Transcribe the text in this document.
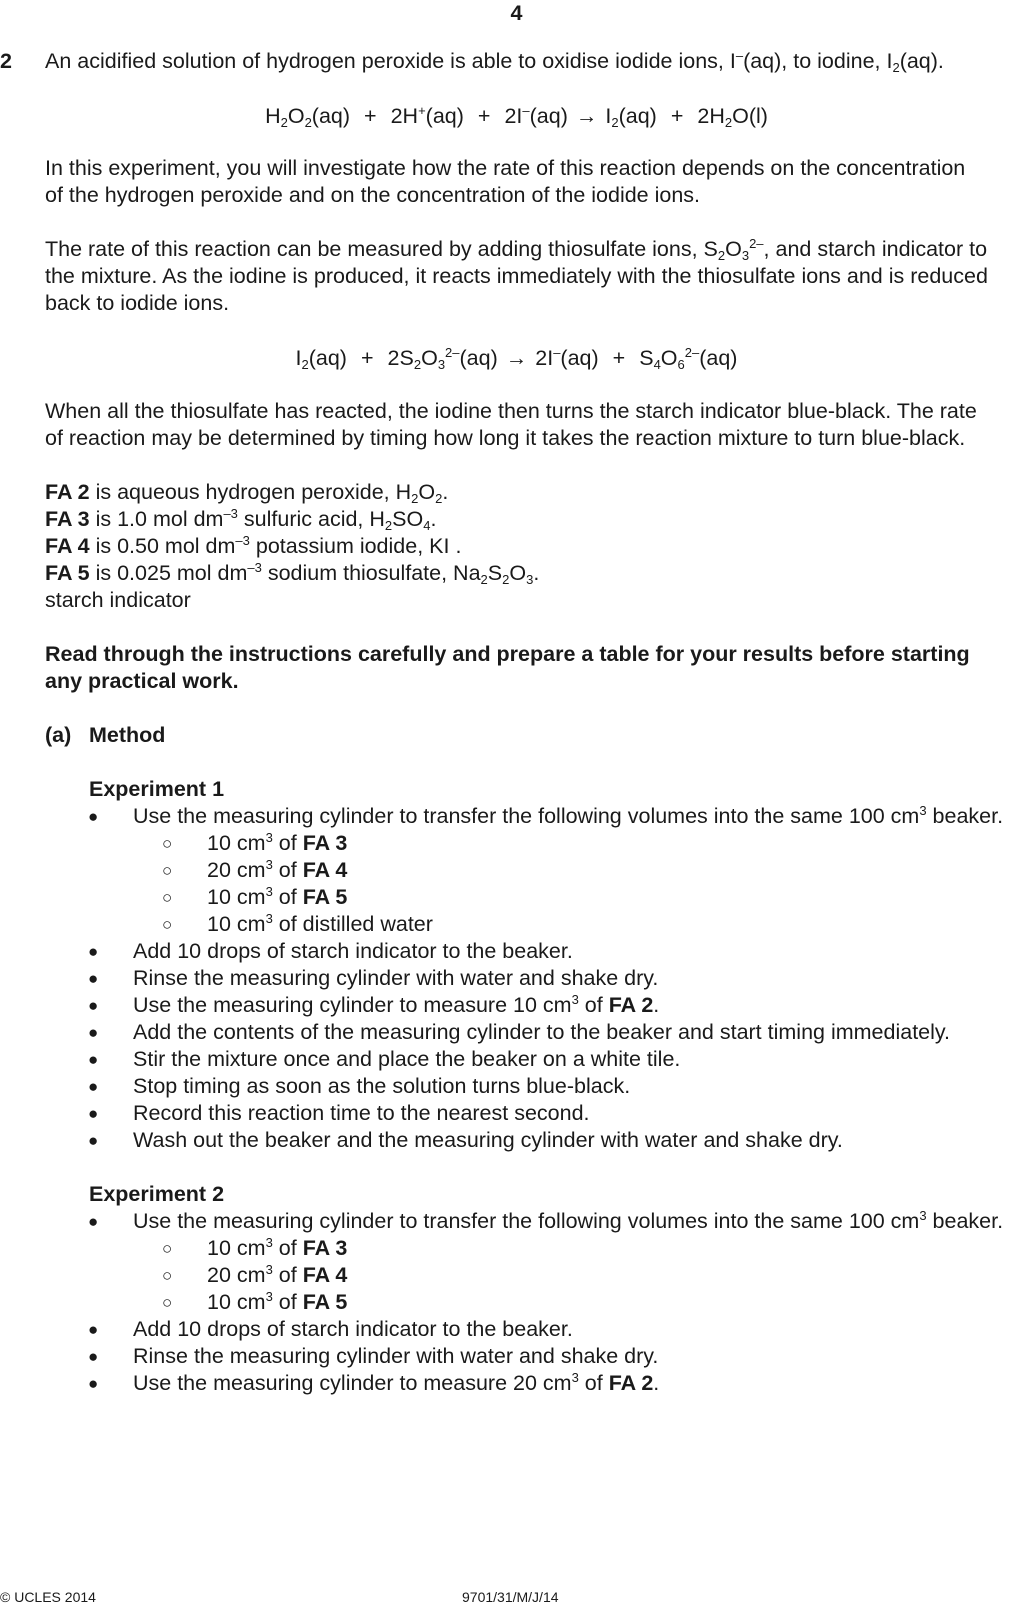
4
2 An acidified solution of hydrogen peroxide is able to oxidise iodide ions, I–(aq), to iodine, $I_2(aq)$.
$H_2O_2(aq) + 2H^+(aq) + 2I^-(aq) \to I_2(aq) + 2H_2O(l)$
In this experiment, you will investigate how the rate of this reaction depends on the concentration
of the hydrogen peroxide and on the concentration of the iodide ions.
The rate of this reaction can be measured by adding thiosulfate ions, $S_2O_3^{2-}$, and starch indicator to
the mixture. As the iodine is produced, it reacts immediately with the thiosulfate ions and is reduced
back to iodide ions.
$I_2(aq) + 2S_2O_3^{2-}(aq) \to 2I^-(aq) + S_4O_6^{2-}(aq)$
When all the thiosulfate has reacted, the iodine then turns the starch indicator blue-black. The rate
of reaction may be determined by timing how long it takes the reaction mixture to turn blue-black.
FA 2 is aqueous hydrogen peroxide, $H_2O_2$.
FA 3 is 1.0 mol $dm^{-3}$ sulfuric acid, $H_2SO_4$.
FA 4 is 0.50 mol $dm^{-3}$ potassium iodide, KI .
FA 5 is 0.025 mol $dm^{-3}$ sodium thiosulfate, $Na_2S_2O_3$.
starch indicator
Read through the instructions carefully and prepare a table for your results before starting
any practical work.
(a) Method
Experiment 1
● Use the measuring cylinder to transfer the following volumes into the same 100 $cm^3$ beaker.
○ 10 $cm^3$ of FA 3
○ 20 $cm^3$ of FA 4
○ 10 $cm^3$ of FA 5
○ 10 $cm^3$ of distilled water
● Add 10 drops of starch indicator to the beaker.
● Rinse the measuring cylinder with water and shake dry.
● Use the measuring cylinder to measure 10 $cm^3$ of FA 2.
● Add the contents of the measuring cylinder to the beaker and start timing immediately.
● Stir the mixture once and place the beaker on a white tile.
● Stop timing as soon as the solution turns blue-black.
● Record this reaction time to the nearest second.
● Wash out the beaker and the measuring cylinder with water and shake dry.
Experiment 2
● Use the measuring cylinder to transfer the following volumes into the same 100 $cm^3$ beaker.
○ 10 $cm^3$ of FA 3
○ 20 $cm^3$ of FA 4
○ 10 $cm^3$ of FA 5
● Add 10 drops of starch indicator to the beaker.
● Rinse the measuring cylinder with water and shake dry.
● Use the measuring cylinder to measure 20 $cm^3$ of FA 2.
© UCLES 2014	9701/31/M/J/14
